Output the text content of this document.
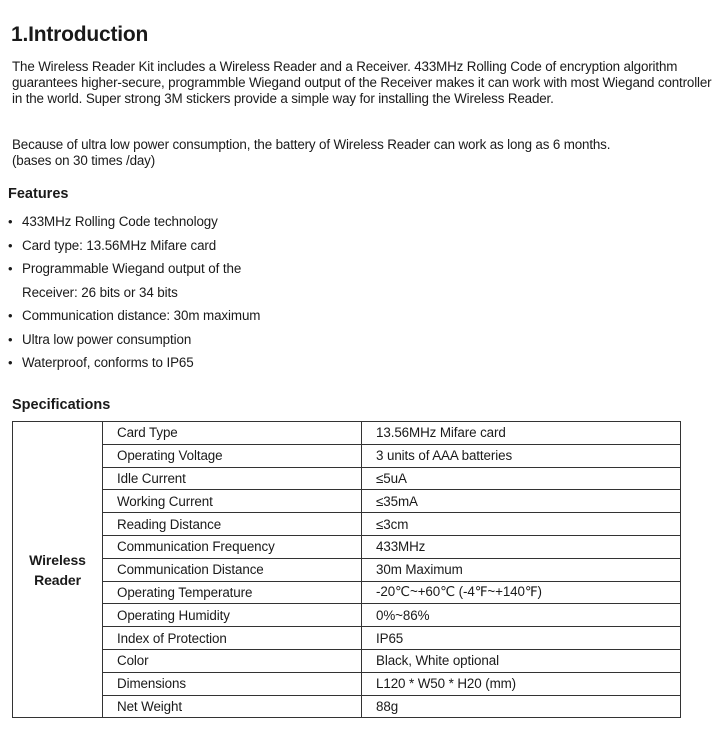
1.Introduction

The Wireless Reader Kit includes a Wireless Reader and a Receiver. 433MHz Rolling Code of encryption algorithm guarantees higher-secure, programmble Wiegand output of the Receiver makes it can work with most Wiegand controller in the world. Super strong 3M stickers provide a simple way for installing the Wireless Reader.

Because of ultra low power consumption, the battery of Wireless Reader can work as long as 6 months.
(bases on 30 times /day)

Features
• 433MHz Rolling Code technology
• Card type: 13.56MHz Mifare card
• Programmable Wiegand output of the Receiver: 26 bits or 34 bits
• Communication distance: 30m maximum
• Ultra low power consumption
• Waterproof, conforms to IP65
Specifications
Wireless Reader	Card Type	13.56MHz Mifare card
	Operating Voltage	3 units of AAA batteries
	Idle Current	≤5uA
	Working Current	≤35mA
	Reading Distance	≤3cm
	Communication Frequency	433MHz
	Communication Distance	30m Maximum
	Operating Temperature	-20℃~+60℃ (-4℉~+140℉)
	Operating Humidity	0%~86%
	Index of Protection	IP65
	Color	Black, White optional
	Dimensions	L120 * W50 * H20 (mm)
	Net Weight	88g
